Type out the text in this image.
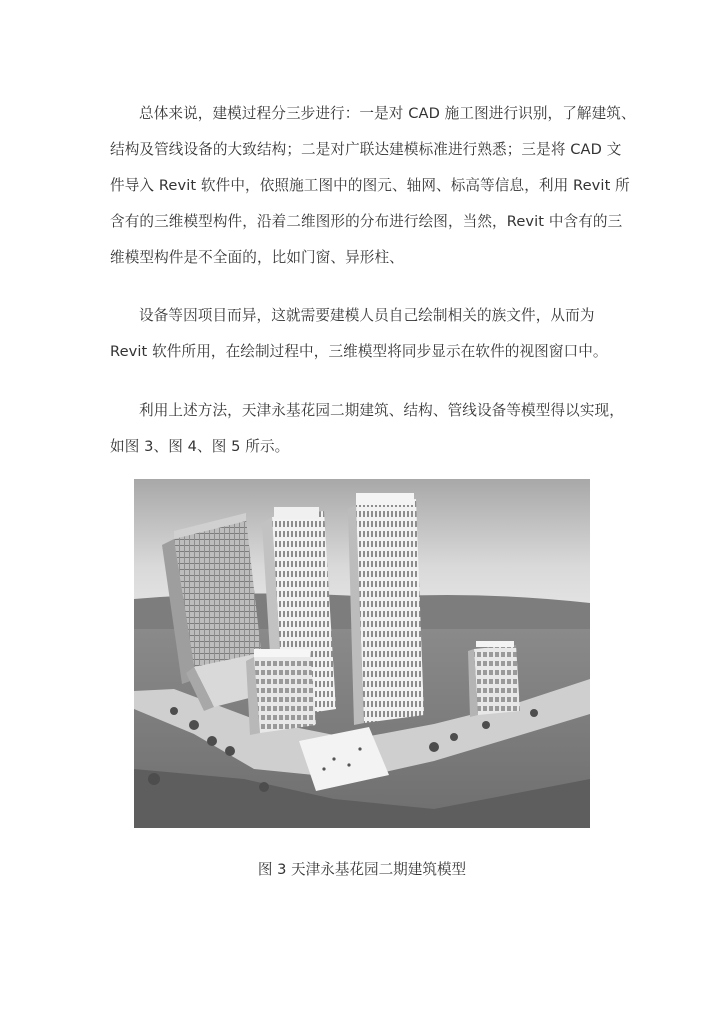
总体来说，建模过程分三步进行：一是对 CAD 施工图进行识别，了解建筑、
结构及管线设备的大致结构；二是对广联达建模标准进行熟悉；三是将 CAD 文
件导入 Revit 软件中，依照施工图中的图元、轴网、标高等信息，利用 Revit 所
含有的三维模型构件，沿着二维图形的分布进行绘图，当然，Revit 中含有的三
维模型构件是不全面的，比如门窗、异形柱、
设备等因项目而异，这就需要建模人员自己绘制相关的族文件，从而为
Revit 软件所用，在绘制过程中，三维模型将同步显示在软件的视图窗口中。
利用上述方法，天津永基花园二期建筑、结构、管线设备等模型得以实现，
如图 3、图 4、图 5 所示。
图 3 天津永基花园二期建筑模型
